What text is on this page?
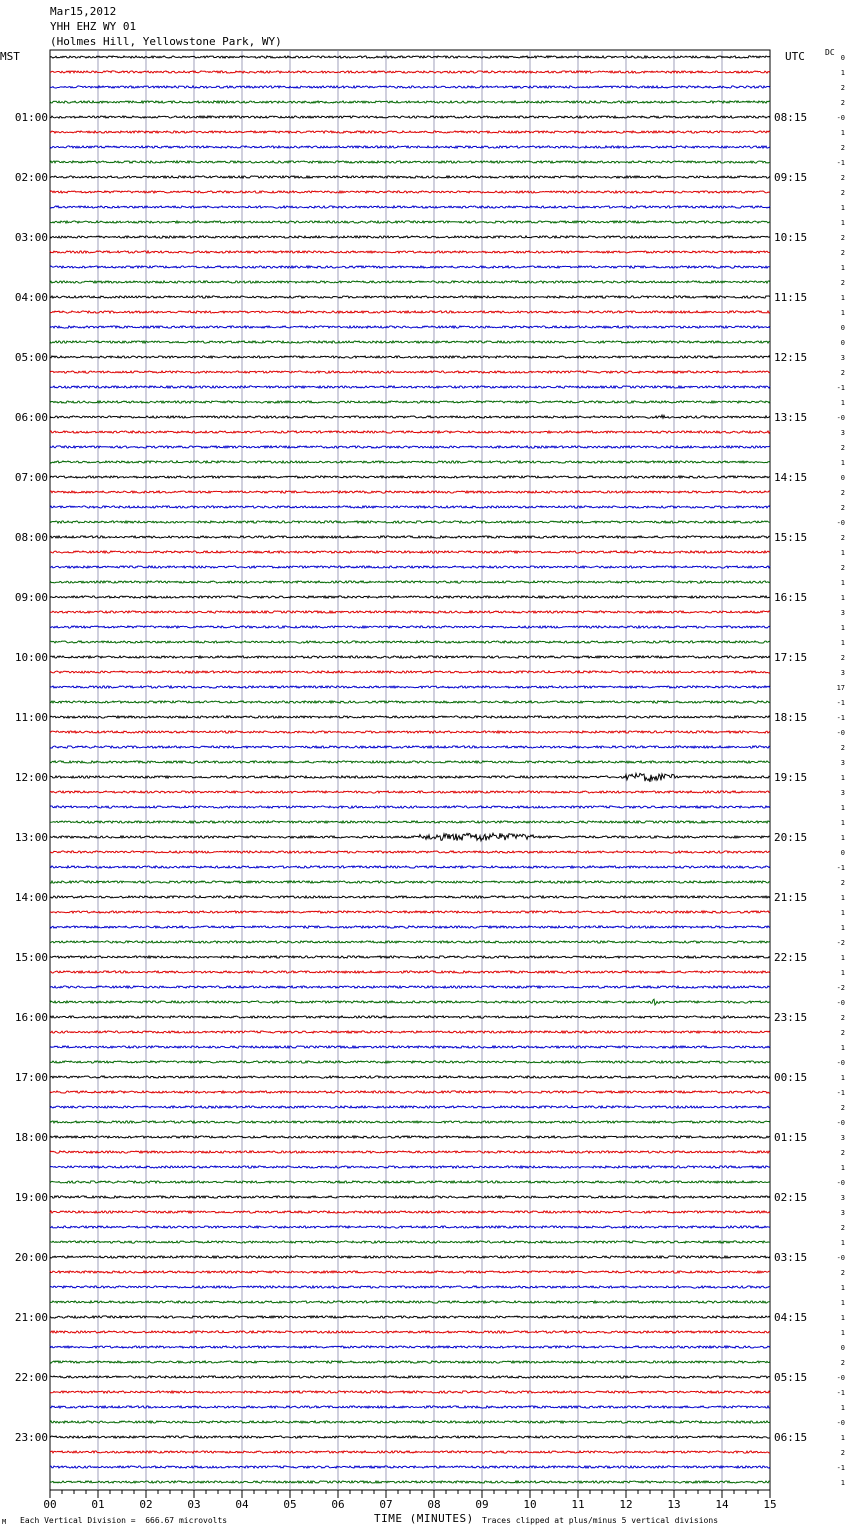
Mar15,2012
YHH EHZ WY 01
(Holmes Hill, Yellowstone Park, WY)
MST	UTC	DC
0
1
2
2
-0
1
2
-1
2
2
1
1
2
2
1
2
1
1
0
0
3
2
-1
1
-0
3
2
1
0
2
2
-0
2
1
2
1
1
3
1
1
2
3
17
-1
-1
-0
2
3
1
3
1
1
1
0
-1
2
1
1
1
-2
1
1
-2
-0
2
2
1
-0
1
-1
2
-0
3
2
1
-0
3
3
2
1
-0
2
1
1
1
1
0
2
-0
-1
1
-0
1
2
-1
1
01:00
02:00
03:00
04:00
05:00
06:00
07:00
08:00
09:00
10:00
11:00
12:00
13:00
14:00
15:00
16:00
17:00
18:00
19:00
20:00
21:00
22:00
23:00
08:15
09:15
10:15
11:15
12:15
13:15
14:15
15:15
16:15
17:15
18:15
19:15
20:15
21:15
22:15
23:15
00:15
01:15
02:15
03:15
04:15
05:15
06:15
00	01	02	03	04	05	06	07	08	09	10	11	12	13	14	15
M Each Vertical Division =  666.67 microvolts	TIME (MINUTES) Traces clipped at plus/minus 5 vertical divisions
